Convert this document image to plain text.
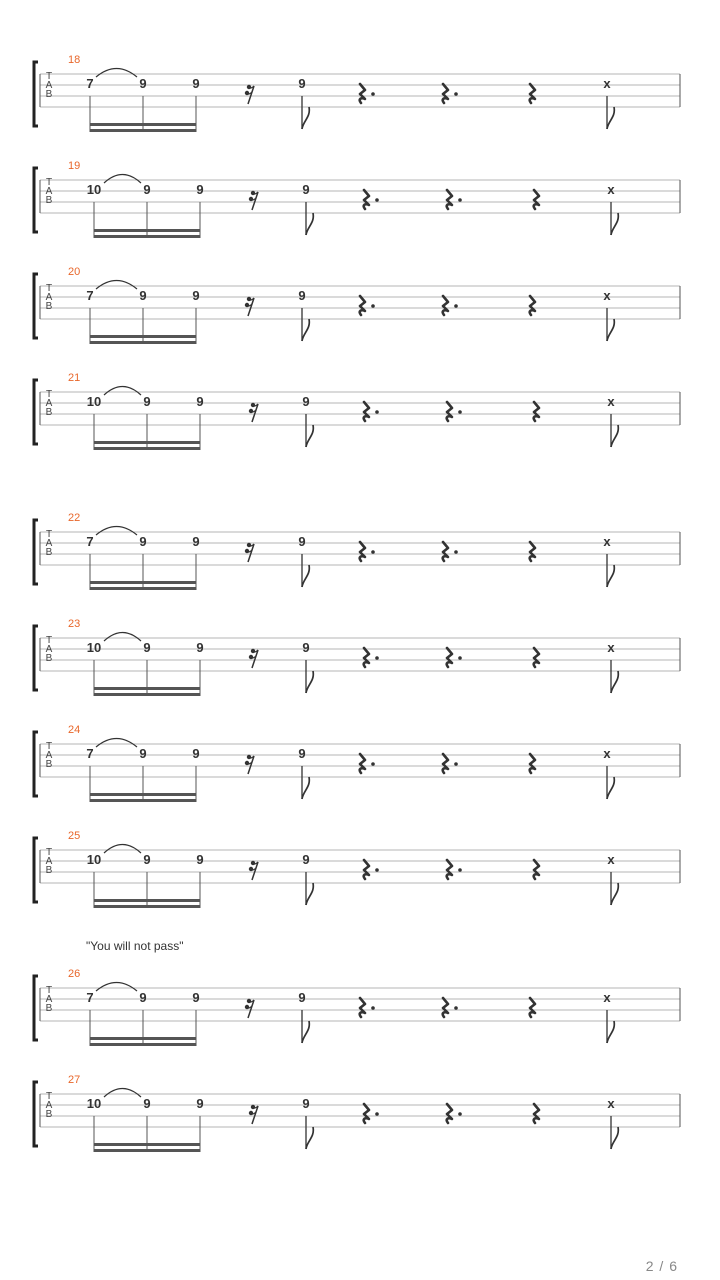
18
T
A
B
7	9	9	9	x
19
T
A
B
10	9	9	9	x
20
T
A
B
7	9	9	9	x
21
T
A
B
10	9	9	9	x
22
T
A
B
7	9	9	9	x
23
T
A
B
10	9	9	9	x
24
T
A
B
7	9	9	9	x
25
T
A
B
10	9	9	9	x
26
T
A
B
7	9	9	9	x
"You will not pass"
27
T
A
B
10	9	9	9	x
2 / 6
